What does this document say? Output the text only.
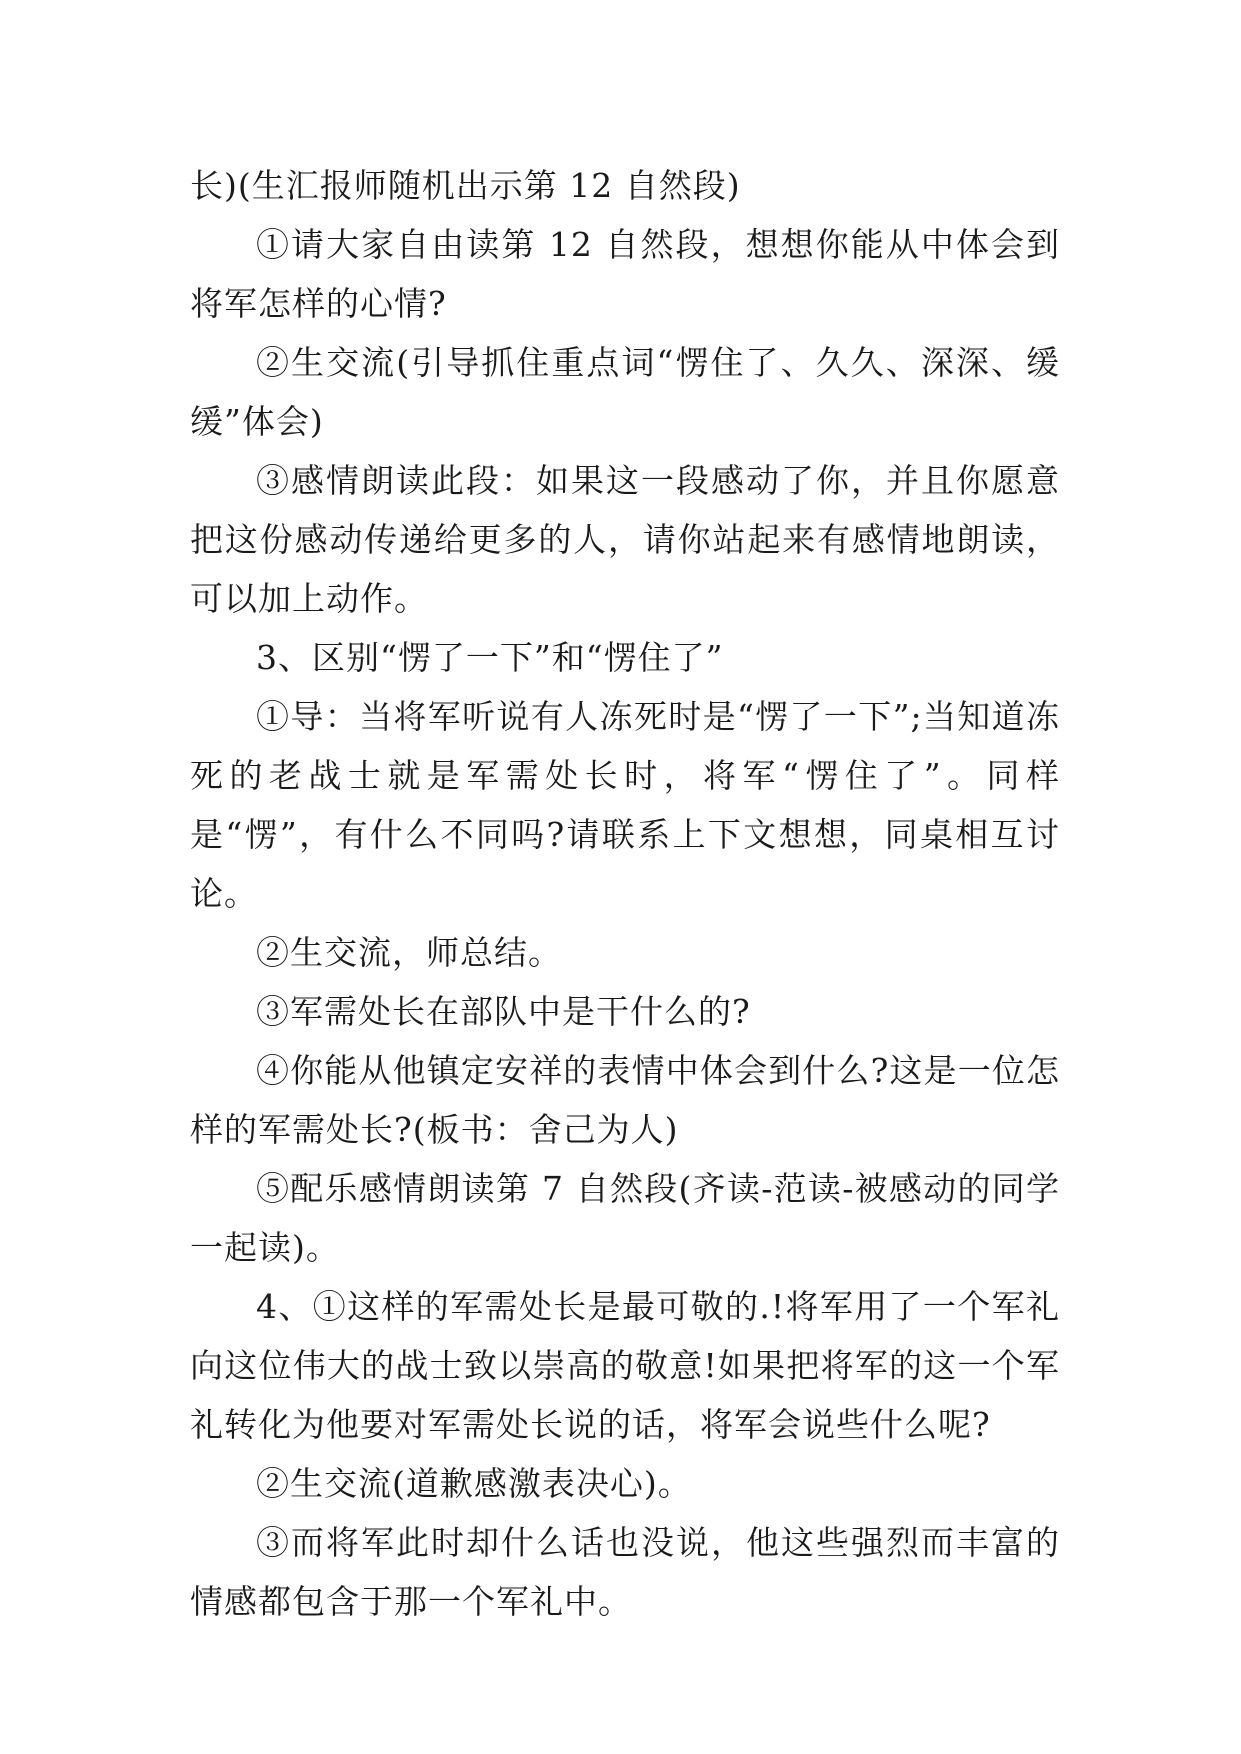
长)(生汇报师随机出示第 12 自然段)

①请大家自由读第 12 自然段，想想你能从中体会到将军怎样的心情?

②生交流(引导抓住重点词“愣住了、久久、深深、缓缓”体会)

③感情朗读此段：如果这一段感动了你，并且你愿意把这份感动传递给更多的人，请你站起来有感情地朗读，可以加上动作。

3、区别“愣了一下”和“愣住了”

①导：当将军听说有人冻死时是“愣了一下”;当知道冻死的老战士就是军需处长时，将军“愣住了”。同样是“愣”，有什么不同吗?请联系上下文想想，同桌相互讨论。

②生交流，师总结。

③军需处长在部队中是干什么的?

④你能从他镇定安祥的表情中体会到什么?这是一位怎样的军需处长?(板书：舍己为人)

⑤配乐感情朗读第 7 自然段(齐读-范读-被感动的同学一起读)。

4、①这样的军需处长是最可敬的.!将军用了一个军礼向这位伟大的战士致以崇高的敬意!如果把将军的这一个军礼转化为他要对军需处长说的话，将军会说些什么呢?

②生交流(道歉感激表决心)。

③而将军此时却什么话也没说，他这些强烈而丰富的情感都包含于那一个军礼中。
